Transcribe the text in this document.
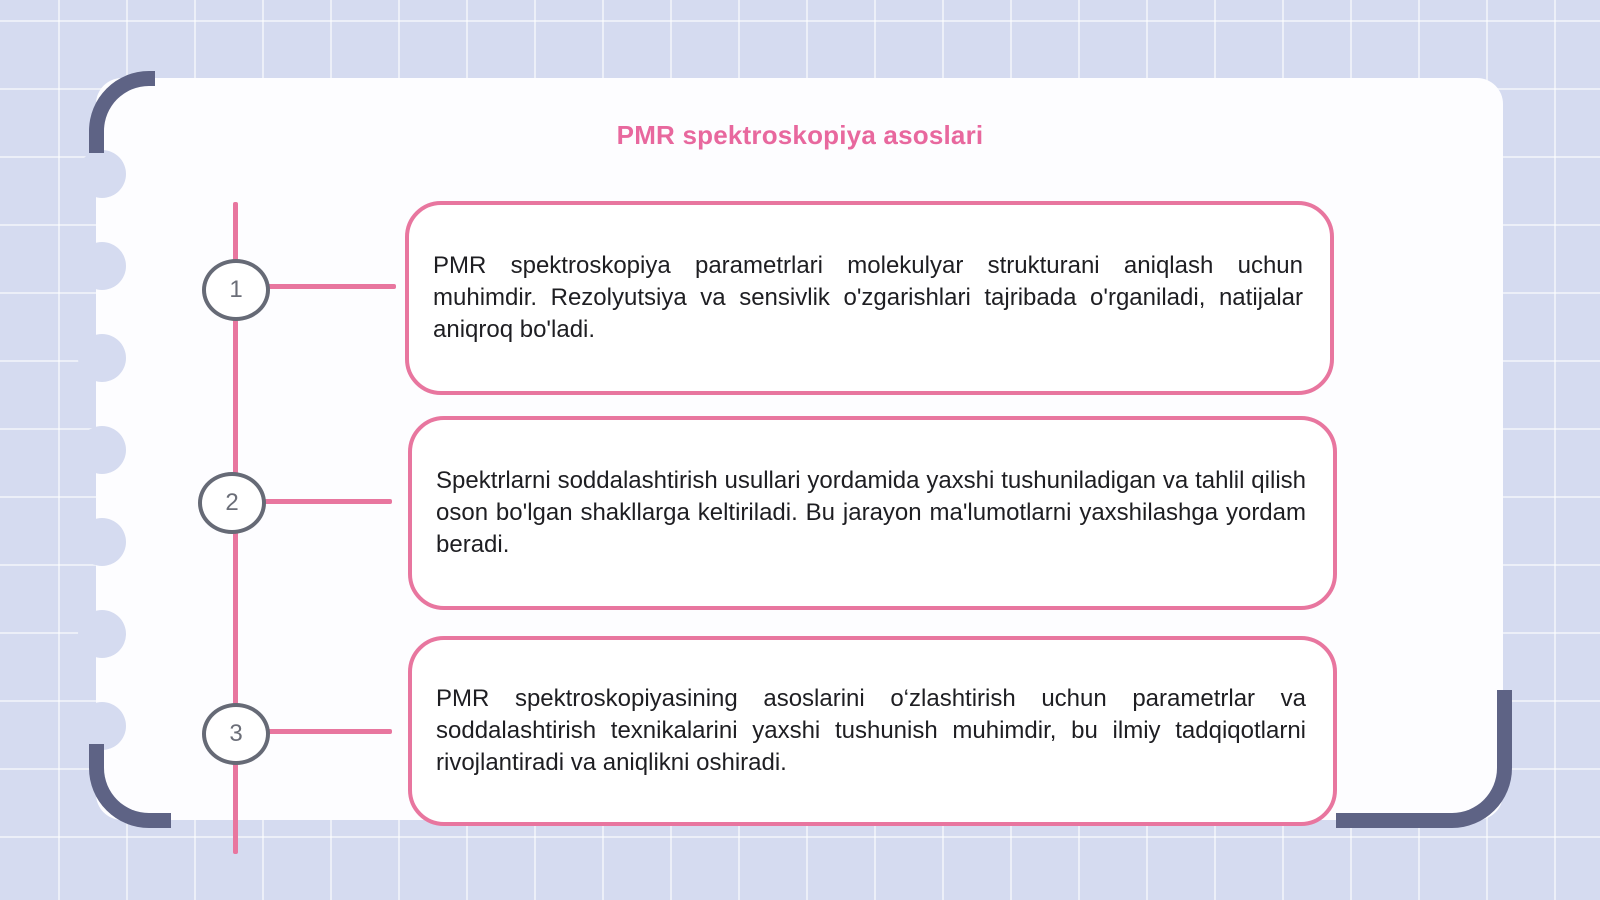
PMR spektroskopiya asoslari
1

PMR spektroskopiya parametrlari molekulyar strukturani aniqlash uchun muhimdir. Rezolyutsiya va sensivlik o'zgarishlari tajribada o'rganiladi, natijalar aniqroq bo'ladi.

2

Spektrlarni soddalashtirish usullari yordamida yaxshi tushuniladigan va tahlil qilish oson bo'lgan shakllarga keltiriladi. Bu jarayon ma'lumotlarni yaxshilashga yordam beradi.

3

PMR spektroskopiyasining asoslarini o‘zlashtirish uchun parametrlar va soddalashtirish texnikalarini yaxshi tushunish muhimdir, bu ilmiy tadqiqotlarni rivojlantiradi va aniqlikni oshiradi.
